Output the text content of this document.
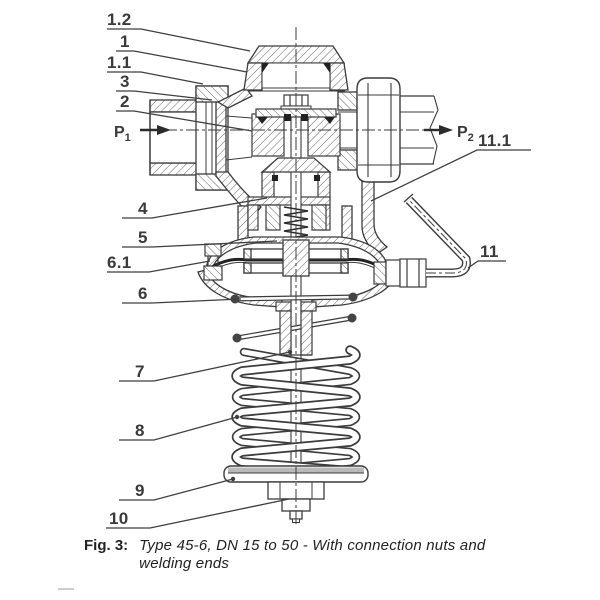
1.2
1
1.1
3
2
4
5
6.1
6
7
8
9
10
11.1
11
$P_1$	$P_2$
Fig. 3: Type 45-6, DN 15 to 50 - With connection nuts and
welding ends
